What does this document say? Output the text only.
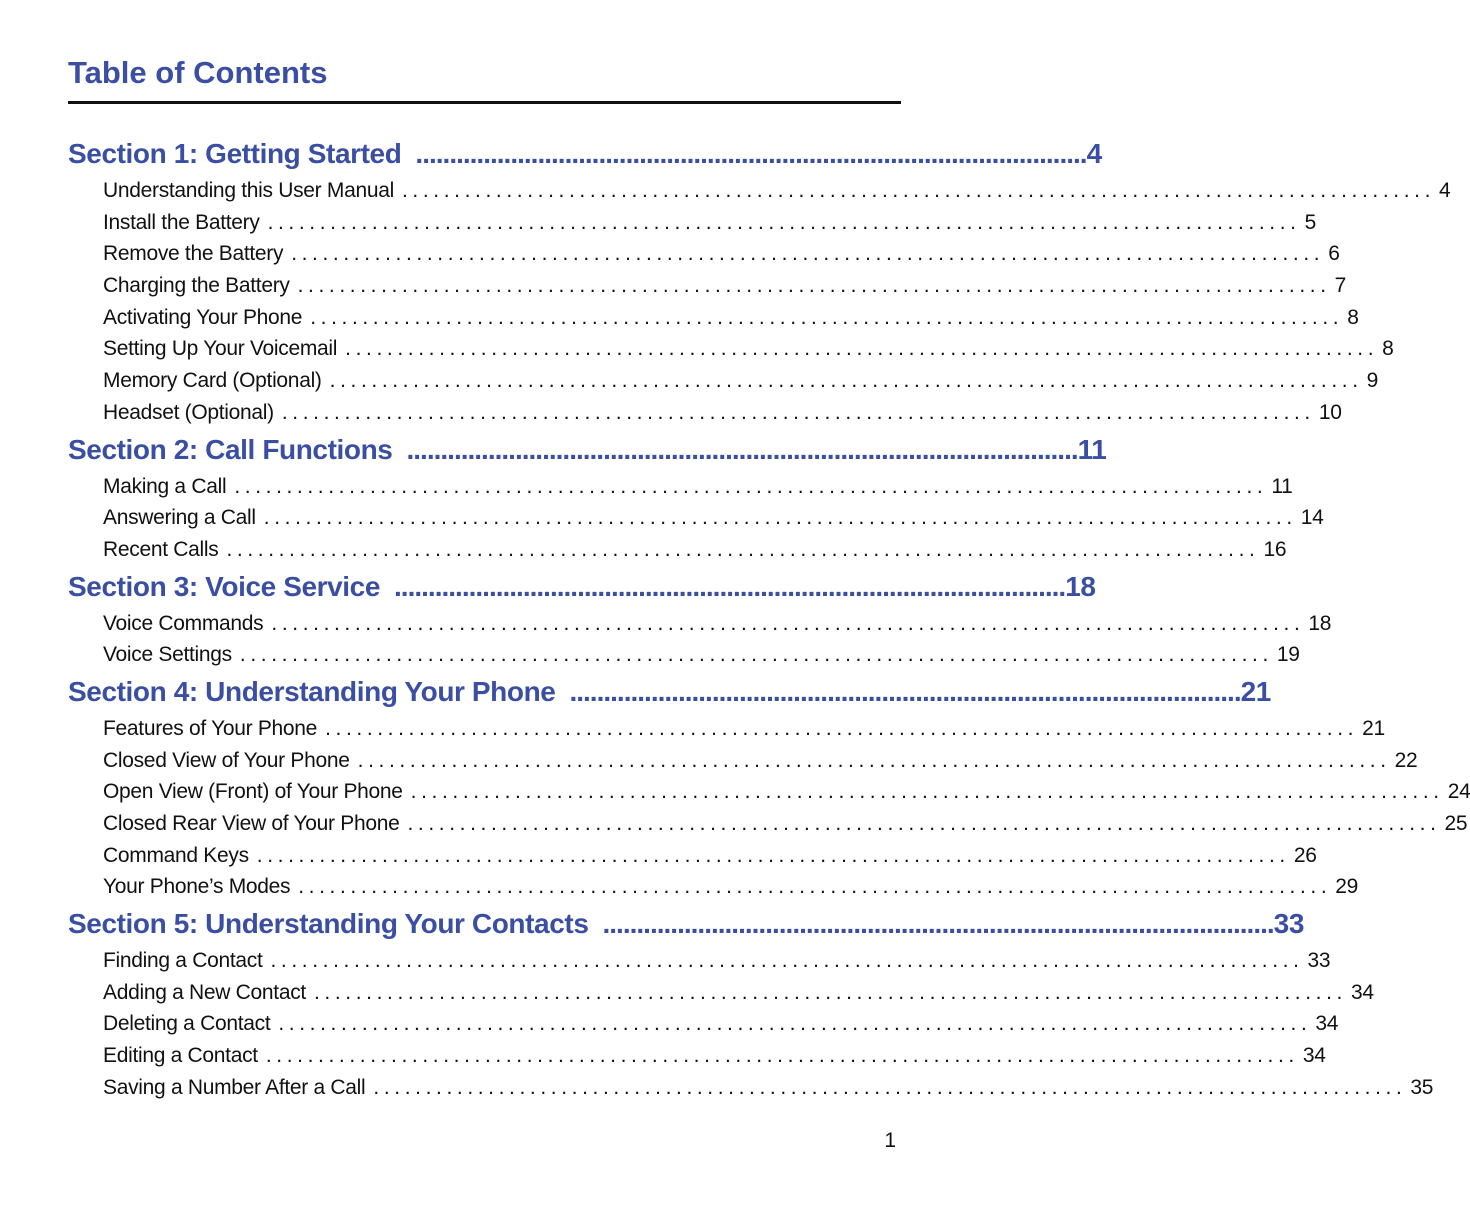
Table of Contents
Section 1: Getting Started ................................................................................................... 4
Understanding this User Manual ................................................................................................... 4
Install the Battery ................................................................................................... 5
Remove the Battery ................................................................................................... 6
Charging the Battery ................................................................................................... 7
Activating Your Phone ................................................................................................... 8
Setting Up Your Voicemail ................................................................................................... 8
Memory Card (Optional) ................................................................................................... 9
Headset (Optional) ................................................................................................... 10
Section 2: Call Functions ................................................................................................... 11
Making a Call ................................................................................................... 11
Answering a Call ................................................................................................... 14
Recent Calls ................................................................................................... 16
Section 3: Voice Service ................................................................................................... 18
Voice Commands ................................................................................................... 18
Voice Settings ................................................................................................... 19
Section 4: Understanding Your Phone ................................................................................................... 21
Features of Your Phone ................................................................................................... 21
Closed View of Your Phone ................................................................................................... 22
Open View (Front) of Your Phone ................................................................................................... 24
Closed Rear View of Your Phone ................................................................................................... 25
Command Keys ................................................................................................... 26
Your Phone’s Modes ................................................................................................... 29
Section 5: Understanding Your Contacts ................................................................................................... 33
Finding a Contact ................................................................................................... 33
Adding a New Contact ................................................................................................... 34
Deleting a Contact ................................................................................................... 34
Editing a Contact ................................................................................................... 34
Saving a Number After a Call ................................................................................................... 35
1
